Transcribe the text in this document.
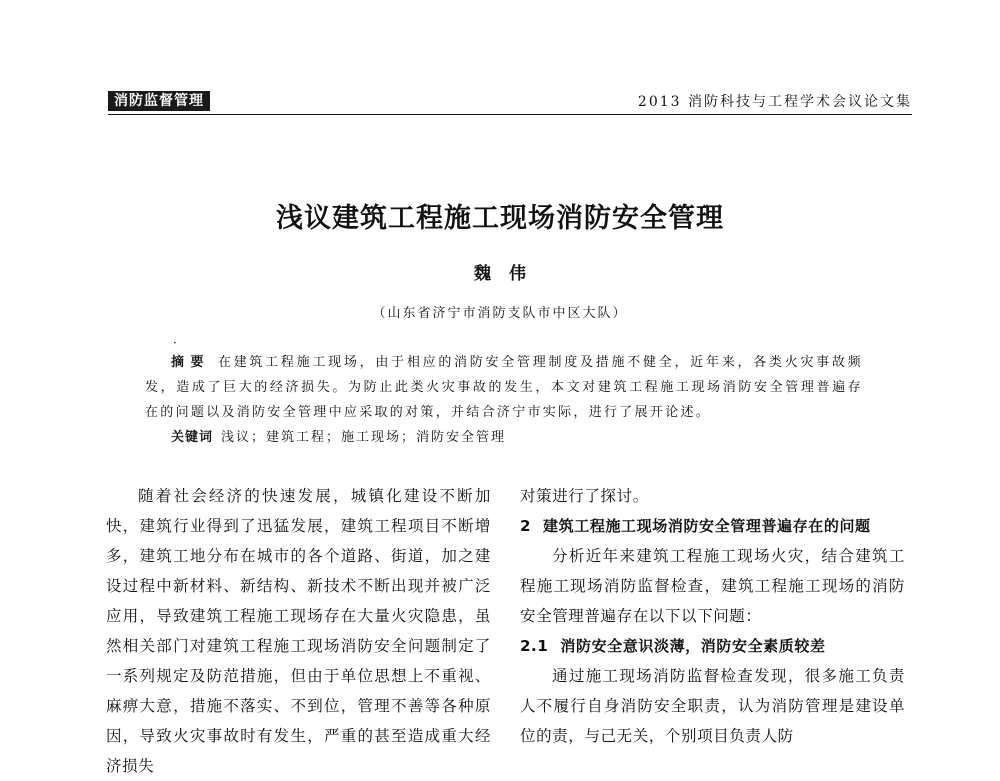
消防监督管理	2013 消防科技与工程学术会议论文集
浅议建筑工程施工现场消防安全管理
魏伟
（山东省济宁市消防支队市中区大队）
·
摘要 在建筑工程施工现场，由于相应的消防安全管理制度及措施不健全，近年来，各类火灾事故频发，造成了巨大的经济损失。为防止此类火灾事故的发生，本文对建筑工程施工现场消防安全管理普遍存在的问题以及消防安全管理中应采取的对策，并结合济宁市实际，进行了展开论述。
关键词 浅议；建筑工程；施工现场；消防安全管理

随着社会经济的快速发展，城镇化建设不断加快，建筑行业得到了迅猛发展，建筑工程项目不断增多，建筑工地分布在城市的各个道路、街道，加之建设过程中新材料、新结构、新技术不断出现并被广泛应用，导致建筑工程施工现场存在大量火灾隐患，虽然相关部门对建筑工程施工现场消防安全问题制定了一系列规定及防范措施，但由于单位思想上不重视、麻痹大意，措施不落实、不到位，管理不善等各种原因，导致火灾事故时有发生，严重的甚至造成重大经济损失

对策进行了探讨。

2 建筑工程施工现场消防安全管理普遍存在的问题

分析近年来建筑工程施工现场火灾，结合建筑工程施工现场消防监督检查，建筑工程施工现场的消防安全管理普遍存在以下以下问题：

2.1 消防安全意识淡薄，消防安全素质较差

通过施工现场消防监督检查发现，很多施工负责人不履行自身消防安全职责，认为消防管理是建设单位的责，与己无关，个别项目负责人防
